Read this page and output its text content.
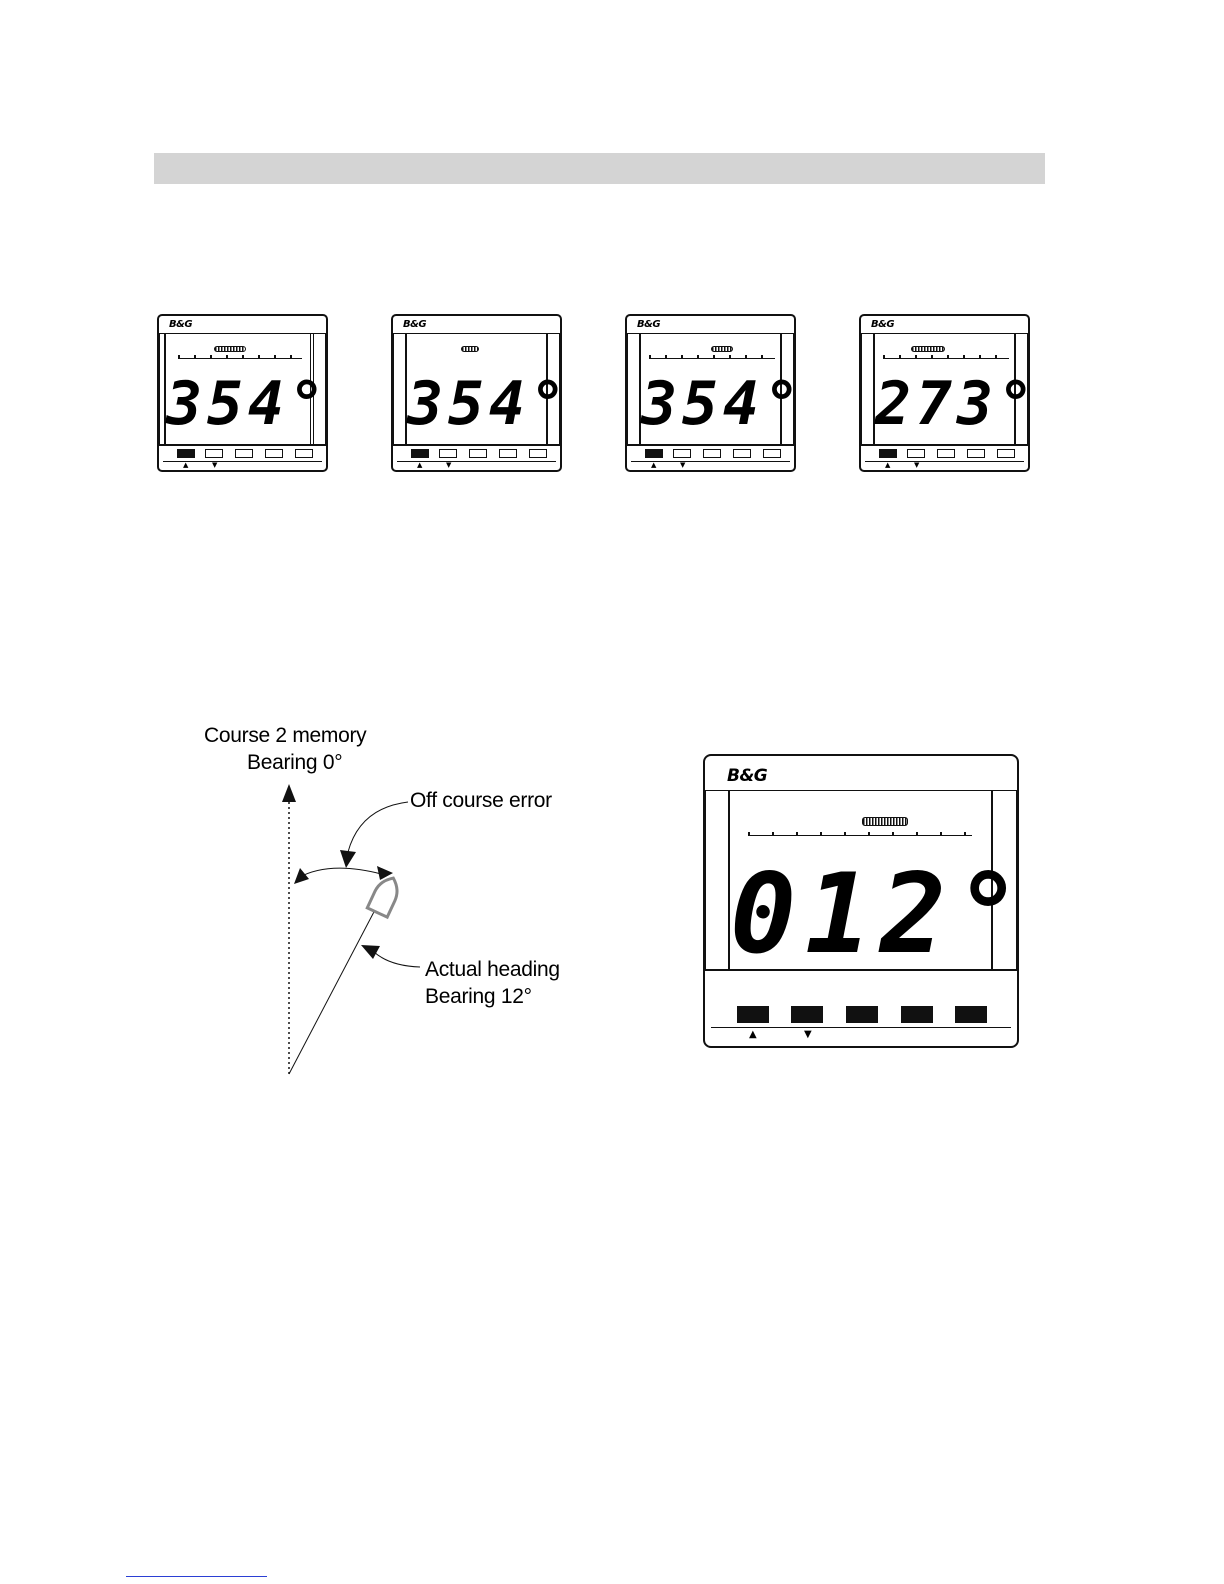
B&G
354°
▲	▼
B&G
354°
▲	▼
B&G
354°
▲	▼
B&G
273°
▲	▼
Course 2 memory
Bearing 0°
Off course error
Actual heading
Bearing 12°
B&G
012°
▲	▼
